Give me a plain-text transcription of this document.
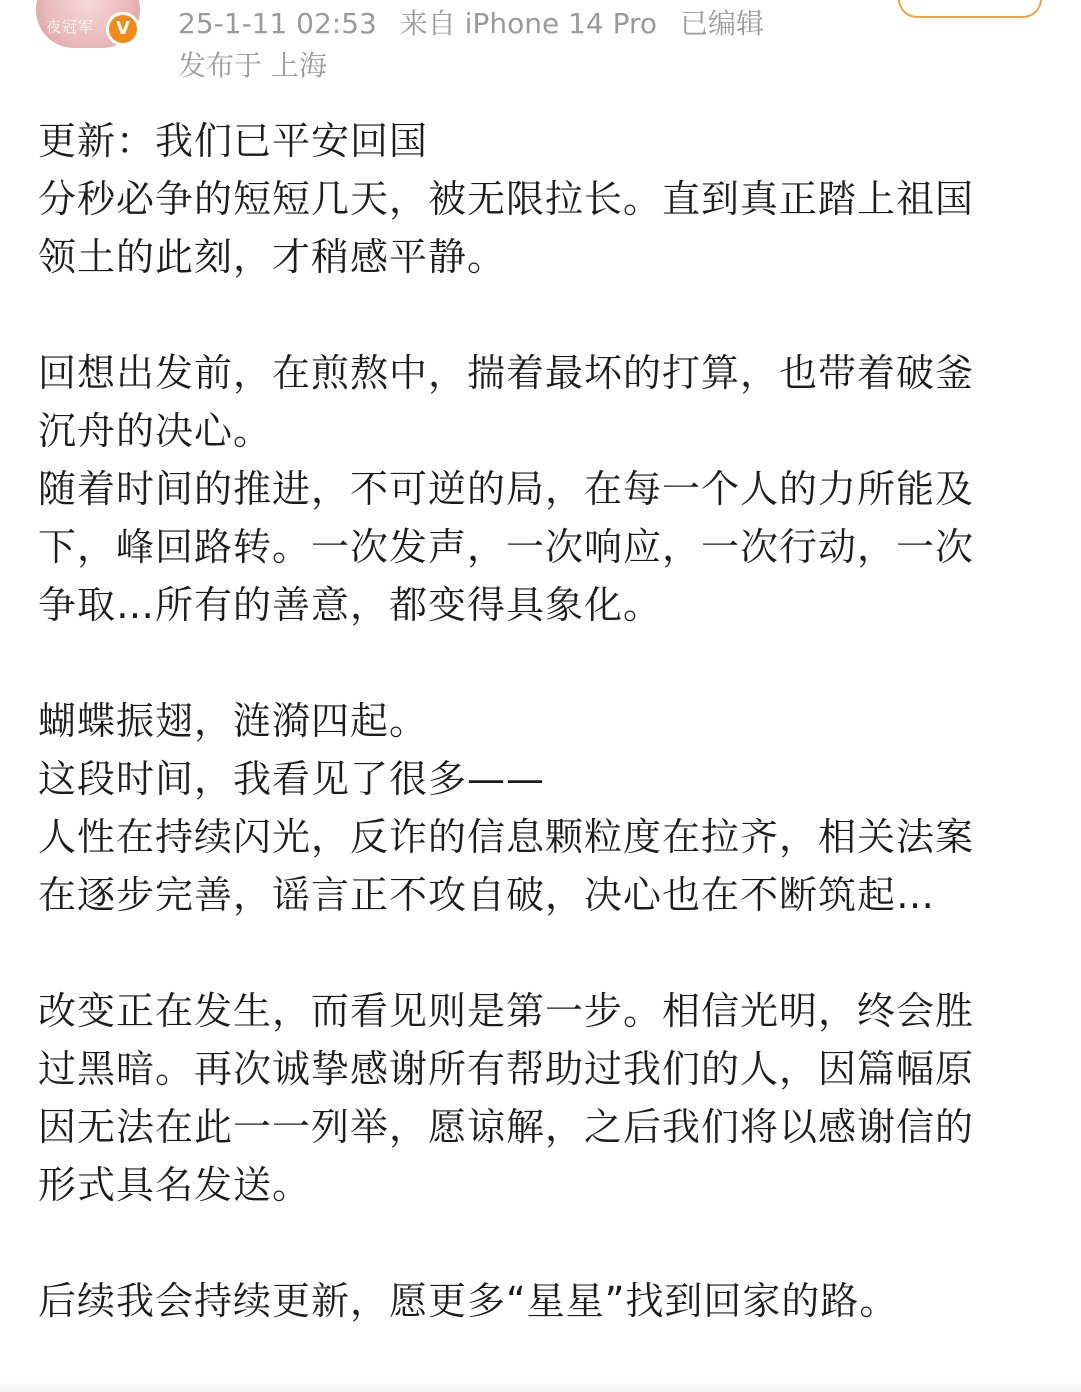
夜冠军 V 25-1-11 02:53 来自 iPhone 14 Pro 已编辑
发布于 上海
更新：我们已平安回国
分秒必争的短短几天，被无限拉长。直到真正踏上祖国
领土的此刻，才稍感平静。
回想出发前，在煎熬中，揣着最坏的打算，也带着破釜
沉舟的决心。
随着时间的推进，不可逆的局，在每一个人的力所能及
下，峰回路转。一次发声，一次响应，一次行动，一次
争取…所有的善意，都变得具象化。
蝴蝶振翅，涟漪四起。
这段时间，我看见了很多——
人性在持续闪光，反诈的信息颗粒度在拉齐，相关法案
在逐步完善，谣言正不攻自破，决心也在不断筑起…
改变正在发生，而看见则是第一步。相信光明，终会胜
过黑暗。再次诚挚感谢所有帮助过我们的人，因篇幅原
因无法在此一一列举，愿谅解，之后我们将以感谢信的
形式具名发送。
后续我会持续更新，愿更多“星星”找到回家的路。
